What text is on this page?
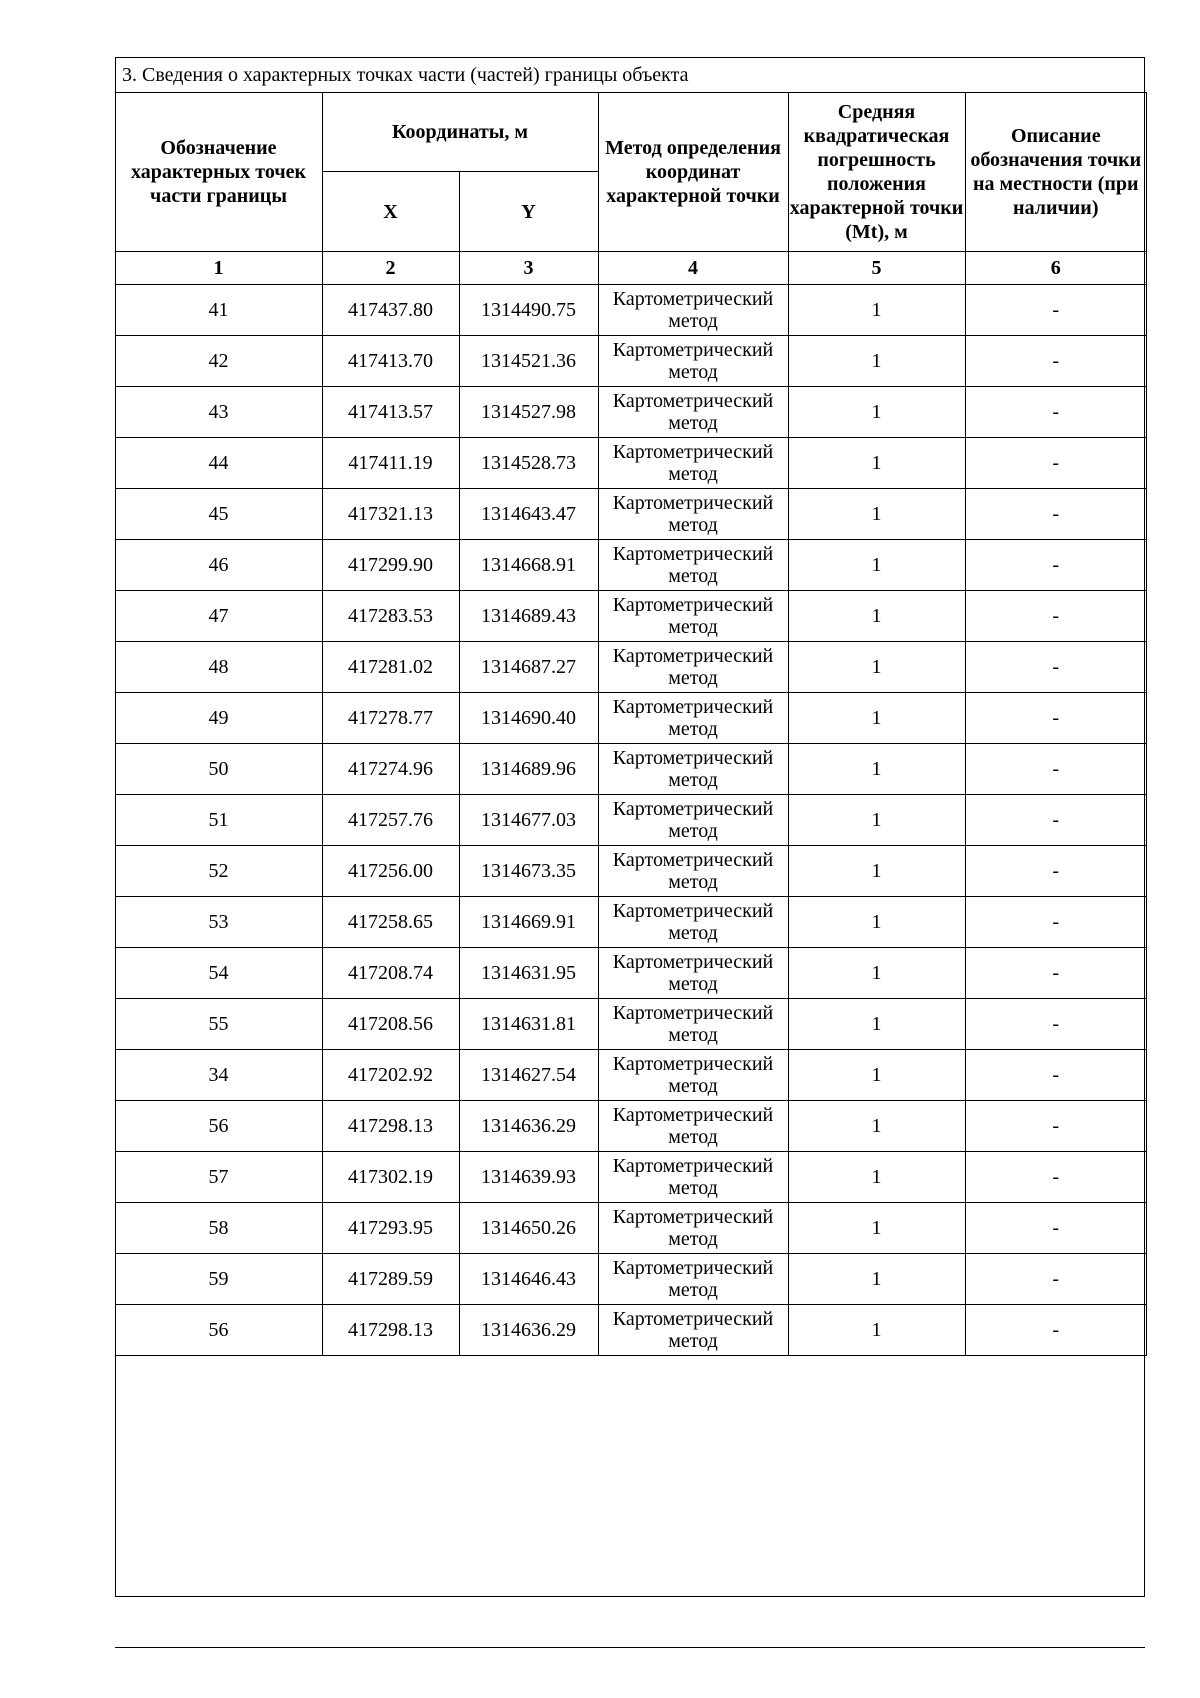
3. Сведения о характерных точках части (частей) границы объекта
Обозначение характерных точек части границы	Координаты, м		Метод определения координат характерной точки	Средняя квадратическая погрешность положения характерной точки (Mt), м	Описание обозначения точки на местности (при наличии)
	X	Y			
1	2	3	4	5	6
41	417437.80	1314490.75	Картометрический метод	1	-
42	417413.70	1314521.36	Картометрический метод	1	-
43	417413.57	1314527.98	Картометрический метод	1	-
44	417411.19	1314528.73	Картометрический метод	1	-
45	417321.13	1314643.47	Картометрический метод	1	-
46	417299.90	1314668.91	Картометрический метод	1	-
47	417283.53	1314689.43	Картометрический метод	1	-
48	417281.02	1314687.27	Картометрический метод	1	-
49	417278.77	1314690.40	Картометрический метод	1	-
50	417274.96	1314689.96	Картометрический метод	1	-
51	417257.76	1314677.03	Картометрический метод	1	-
52	417256.00	1314673.35	Картометрический метод	1	-
53	417258.65	1314669.91	Картометрический метод	1	-
54	417208.74	1314631.95	Картометрический метод	1	-
55	417208.56	1314631.81	Картометрический метод	1	-
34	417202.92	1314627.54	Картометрический метод	1	-
56	417298.13	1314636.29	Картометрический метод	1	-
57	417302.19	1314639.93	Картометрический метод	1	-
58	417293.95	1314650.26	Картометрический метод	1	-
59	417289.59	1314646.43	Картометрический метод	1	-
56	417298.13	1314636.29	Картометрический метод	1	-
